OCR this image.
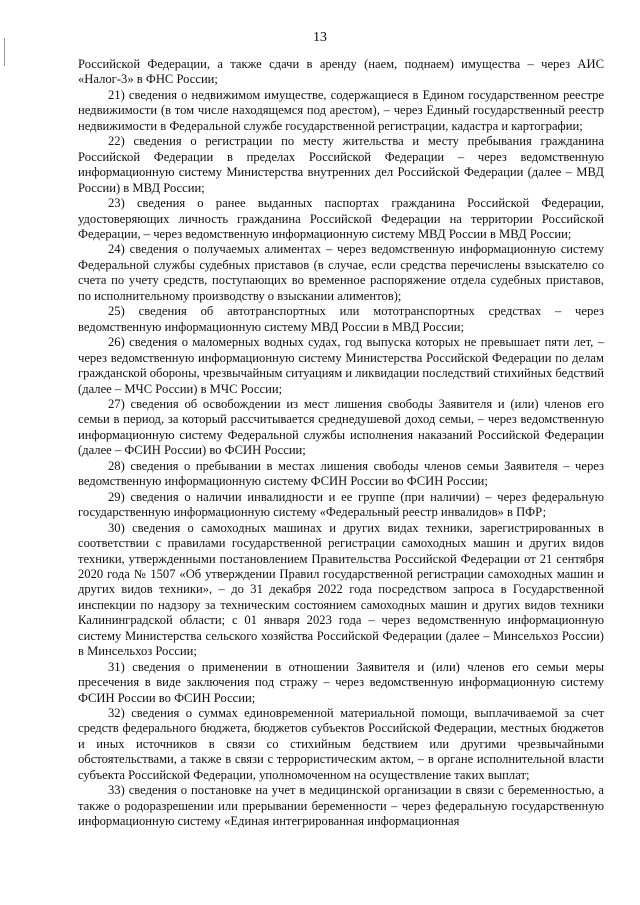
13

Российской Федерации, а также сдачи в аренду (наем, поднаем) имущества – через АИС «Налог-3» в ФНС России;

21) сведения о недвижимом имуществе, содержащиеся в Едином государственном реестре недвижимости (в том числе находящемся под арестом), – через Единый государственный реестр недвижимости в Федеральной службе государственной регистрации, кадастра и картографии;

22) сведения о регистрации по месту жительства и месту пребывания гражданина Российской Федерации в пределах Российской Федерации – через ведомственную информационную систему Министерства внутренних дел Российской Федерации (далее – МВД России) в МВД России;

23) сведения о ранее выданных паспортах гражданина Российской Федерации, удостоверяющих личность гражданина Российской Федерации на территории Российской Федерации, – через ведомственную информационную систему МВД России в МВД России;

24) сведения о получаемых алиментах – через ведомственную информационную систему Федеральной службы судебных приставов (в случае, если средства перечислены взыскателю со счета по учету средств, поступающих во временное распоряжение отдела судебных приставов, по исполнительному производству о взыскании алиментов);

25) сведения об автотранспортных или мототранспортных средствах – через ведомственную информационную систему МВД России в МВД России;

26) сведения о маломерных водных судах, год выпуска которых не превышает пяти лет, – через ведомственную информационную систему Министерства Российской Федерации по делам гражданской обороны, чрезвычайным ситуациям и ликвидации последствий стихийных бедствий (далее – МЧС России) в МЧС России;

27) сведения об освобождении из мест лишения свободы Заявителя и (или) членов его семьи в период, за который рассчитывается среднедушевой доход семьи, – через ведомственную информационную систему Федеральной службы исполнения наказаний Российской Федерации (далее – ФСИН России) во ФСИН России;

28) сведения о пребывании в местах лишения свободы членов семьи Заявителя – через ведомственную информационную систему ФСИН России во ФСИН России;

29) сведения о наличии инвалидности и ее группе (при наличии) – через федеральную государственную информационную систему «Федеральный реестр инвалидов» в ПФР;

30) сведения о самоходных машинах и других видах техники, зарегистрированных в соответствии с правилами государственной регистрации самоходных машин и других видов техники, утвержденными постановлением Правительства Российской Федерации от 21 сентября 2020 года № 1507 «Об утверждении Правил государственной регистрации самоходных машин и других видов техники», – до 31 декабря 2022 года посредством запроса в Государственной инспекции по надзору за техническим состоянием самоходных машин и других видов техники Калининградской области; с 01 января 2023 года – через ведомственную информационную систему Министерства сельского хозяйства Российской Федерации (далее – Минсельхоз России) в Минсельхоз России;

31) сведения о применении в отношении Заявителя и (или) членов его семьи меры пресечения в виде заключения под стражу – через ведомственную информационную систему ФСИН России во ФСИН России;

32) сведения о суммах единовременной материальной помощи, выплачиваемой за счет средств федерального бюджета, бюджетов субъектов Российской Федерации, местных бюджетов и иных источников в связи со стихийным бедствием или другими чрезвычайными обстоятельствами, а также в связи с террористическим актом, – в органе исполнительной власти субъекта Российской Федерации, уполномоченном на осуществление таких выплат;

33) сведения о постановке на учет в медицинской организации в связи с беременностью, а также о родоразрешении или прерывании беременности – через федеральную государственную информационную систему «Единая интегрированная информационная
